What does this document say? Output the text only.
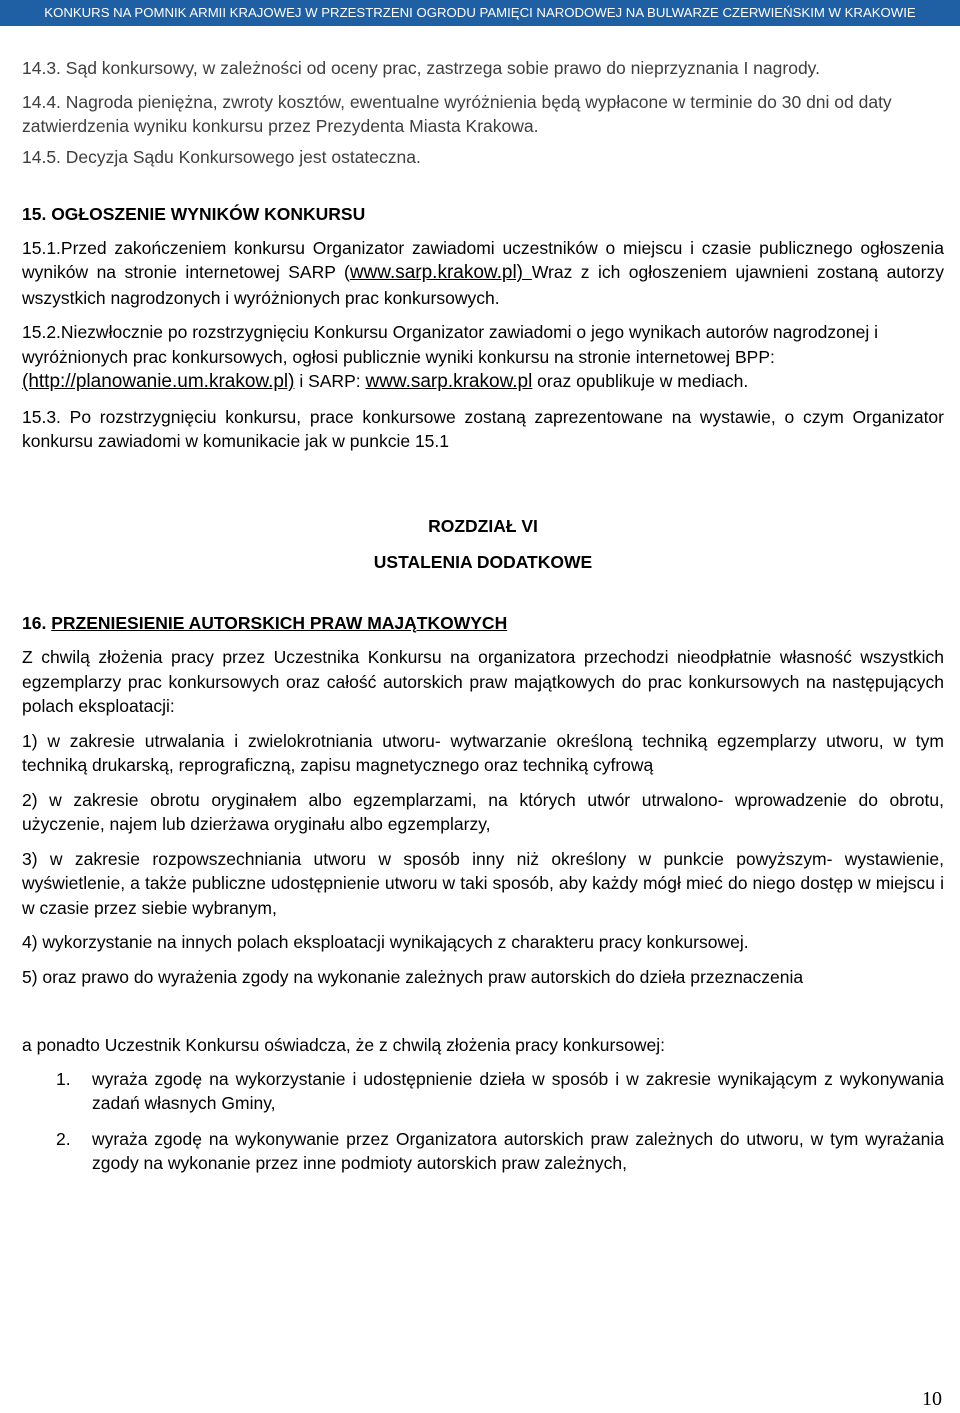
KONKURS NA POMNIK ARMII KRAJOWEJ W PRZESTRZENI OGRODU PAMIĘCI NARODOWEJ NA BULWARZE CZERWIEŃSKIM W KRAKOWIE

14.3. Sąd konkursowy, w zależności od oceny prac, zastrzega sobie prawo do nieprzyznania I nagrody.

14.4. Nagroda pieniężna, zwroty kosztów, ewentualne wyróżnienia będą wypłacone w terminie do 30 dni od daty zatwierdzenia wyniku konkursu przez Prezydenta Miasta Krakowa.

14.5. Decyzja Sądu Konkursowego jest ostateczna.

15. OGŁOSZENIE WYNIKÓW KONKURSU

15.1.Przed zakończeniem konkursu Organizator zawiadomi uczestników o miejscu i czasie publicznego ogłoszenia wyników na stronie internetowej SARP (www.sarp.krakow.pl) Wraz z ich ogłoszeniem ujawnieni zostaną autorzy wszystkich nagrodzonych i wyróżnionych prac konkursowych.

15.2.Niezwłocznie po rozstrzygnięciu Konkursu Organizator zawiadomi o jego wynikach autorów nagrodzonej i wyróżnionych prac konkursowych, ogłosi publicznie wyniki konkursu na stronie internetowej BPP: (http://planowanie.um.krakow.pl) i SARP: www.sarp.krakow.pl oraz opublikuje w mediach.

15.3. Po rozstrzygnięciu konkursu, prace konkursowe zostaną zaprezentowane na wystawie, o czym Organizator konkursu zawiadomi w komunikacie jak w punkcie 15.1

ROZDZIAŁ VI

USTALENIA DODATKOWE

16. PRZENIESIENIE AUTORSKICH PRAW MAJĄTKOWYCH

Z chwilą złożenia pracy przez Uczestnika Konkursu na organizatora przechodzi nieodpłatnie własność wszystkich egzemplarzy prac konkursowych oraz całość autorskich praw majątkowych do prac konkursowych na następujących polach eksploatacji:

1) w zakresie utrwalania i zwielokrotniania utworu- wytwarzanie określoną techniką egzemplarzy utworu, w tym techniką drukarską, reprograficzną, zapisu magnetycznego oraz techniką cyfrową

2) w zakresie obrotu oryginałem albo egzemplarzami, na których utwór utrwalono- wprowadzenie do obrotu, użyczenie, najem lub dzierżawa oryginału albo egzemplarzy,

3) w zakresie rozpowszechniania utworu w sposób inny niż określony w punkcie powyższym- wystawienie, wyświetlenie, a także publiczne udostępnienie utworu w taki sposób, aby każdy mógł mieć do niego dostęp w miejscu i w czasie przez siebie wybranym,

4) wykorzystanie na innych polach eksploatacji wynikających z charakteru pracy konkursowej.

5) oraz prawo do wyrażenia zgody na wykonanie zależnych praw autorskich do dzieła przeznaczenia

a ponadto Uczestnik Konkursu oświadcza, że z chwilą złożenia pracy konkursowej:

1.	wyraża zgodę na wykorzystanie i udostępnienie dzieła w sposób i w zakresie wynikającym z wykonywania zadań własnych Gminy,
2.	wyraża zgodę na wykonywanie przez Organizatora autorskich praw zależnych do utworu, w tym wyrażania zgody na wykonanie przez inne podmioty autorskich praw zależnych,
10
